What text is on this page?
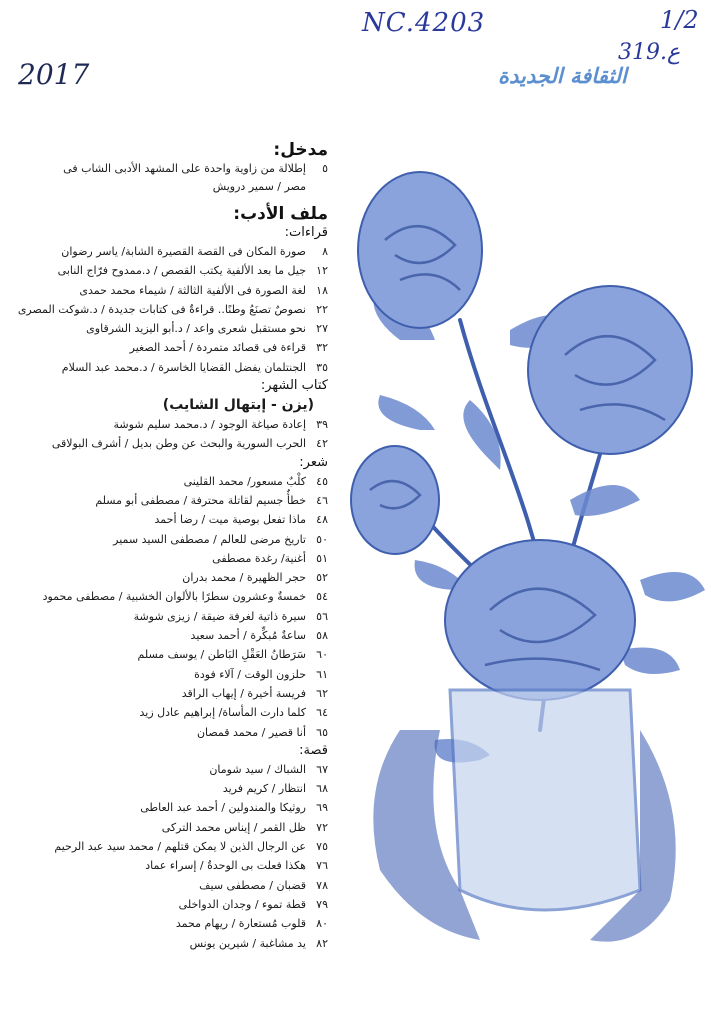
NC.4203	1/2
319.ع
2017	الثقافة الجديدة
مدخل:
٥
إطلالة من زاوية واحدة على المشهد الأدبى الشاب فى مصر / سمير درويش
ملف الأدب:
قراءات:
٨
صورة المكان فى القصة القصيرة الشابة/ ياسر رضوان
١٢
جيل ما بعد الألفية يكتب القصص / د.ممدوح فرّاج النابى
١٨
لغة الصورة فى الألفية الثالثة / شيماء محمد حمدى
٢٢
نصوصٌ تصنَعُ وطنًا.. قراءةٌ فى كتابات جديدة / د.شوكت المصرى
٢٧
نحو مستقبل شعرى واعد / د.أبو اليزيد الشرقاوى
٣٢
قراءة فى قصائد متمردة / أحمد الصغير
٣٥
الجنتلمان يفضل القضايا الخاسرة / د.محمد عبد السلام
كتاب الشهر:
(يزن - إبتهال الشايب)
٣٩
إعادة صياغة الوجود / د.محمد سليم شوشة
٤٢
الحرب السورية والبحث عن وطن بديل / أشرف البولاقى
شعر:
٤٥
كلْبٌ مسعور/ محمد القلينى
٤٦
خطأٌ جسيم لقاتلة محترفة / مصطفى أبو مسلم
٤٨
ماذا تفعل بوصية ميت / رضا أحمد
٥٠
تاريخ مرضى للعالم / مصطفى السيد سمير
٥١
أغنية/ رغدة مصطفى
٥٢
حجر الظهيرة / محمد بدران
٥٤
خمسةٌ وعشرون سطرًا بالألوان الخشبية / مصطفى محمود
٥٦
سيرة ذاتية لغرفة ضيقة / زيزى شوشة
٥٨
ساعةٌ مُبكِّرة / أحمد سعيد
٦٠
سَرَطانُ العَقْلِ البَاطن / يوسف مسلم
٦١
حلزون الوقت / آلاء فودة
٦٢
فريسة أخيرة / إيهاب الراقد
٦٤
كلما دارت المأساة/ إبراهيم عادل زيد
٦٥
أنا قصير / محمد قمصان
قصة:
٦٧
الشباك / سيد شومان
٦٨
انتظار / كريم فريد
٦٩
روثيكا والمندولين / أحمد عبد العاطى
٧٢
ظل القمر / إيناس محمد التركى
٧٥
عن الرجال الذين لا يمكن قتلهم / محمد سيد عبد الرحيم
٧٦
هكذا فعلت بى الوحدةُ / إسراء عماد
٧٨
قضبان / مصطفى سيف
٧٩
قطة تموء / وجدان الدواخلى
٨٠
قلوب مُستعارة / ريهام محمد
٨٢
يد مشاغبة / شيرين يونس
